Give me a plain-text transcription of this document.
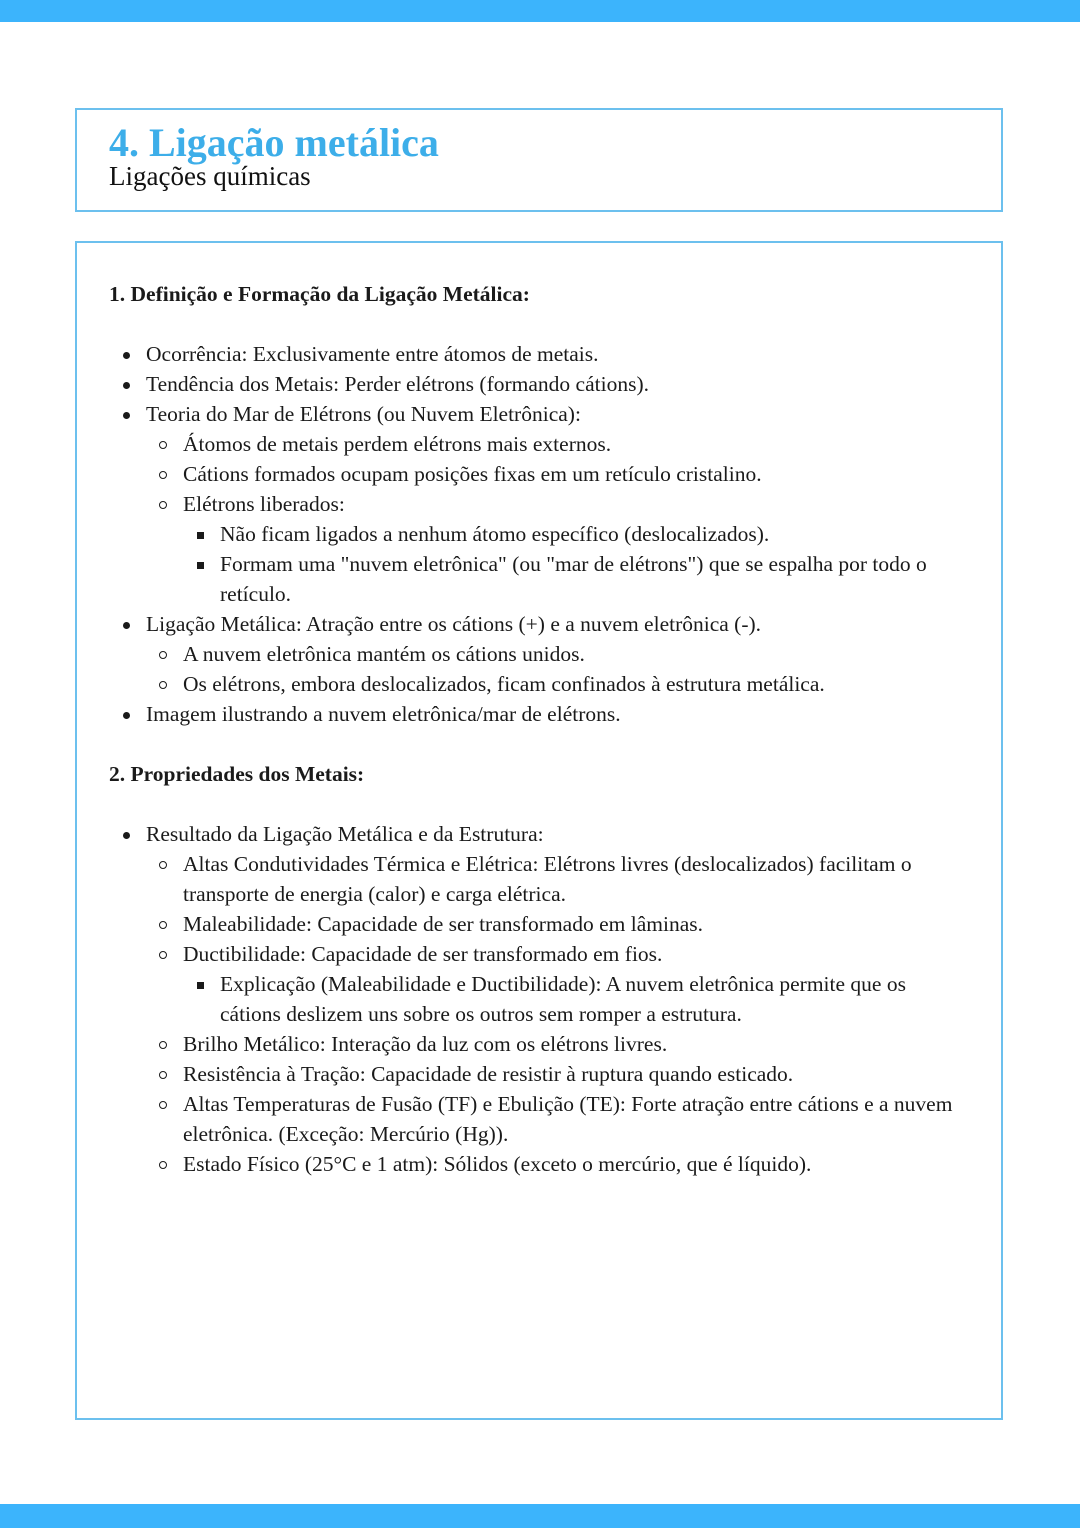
4. Ligação metálica
Ligações químicas
1. Definição e Formação da Ligação Metálica:
Ocorrência: Exclusivamente entre átomos de metais.
Tendência dos Metais: Perder elétrons (formando cátions).
Teoria do Mar de Elétrons (ou Nuvem Eletrônica):
Átomos de metais perdem elétrons mais externos.
Cátions formados ocupam posições fixas em um retículo cristalino.
Elétrons liberados:
Não ficam ligados a nenhum átomo específico (deslocalizados).
Formam uma "nuvem eletrônica" (ou "mar de elétrons") que se espalha por todo o retículo.
Ligação Metálica: Atração entre os cátions (+) e a nuvem eletrônica (-).
A nuvem eletrônica mantém os cátions unidos.
Os elétrons, embora deslocalizados, ficam confinados à estrutura metálica.
Imagem ilustrando a nuvem eletrônica/mar de elétrons.
2. Propriedades dos Metais:
Resultado da Ligação Metálica e da Estrutura:
Altas Condutividades Térmica e Elétrica: Elétrons livres (deslocalizados) facilitam o transporte de energia (calor) e carga elétrica.
Maleabilidade: Capacidade de ser transformado em lâminas.
Ductibilidade: Capacidade de ser transformado em fios.
Explicação (Maleabilidade e Ductibilidade): A nuvem eletrônica permite que os cátions deslizem uns sobre os outros sem romper a estrutura.
Brilho Metálico: Interação da luz com os elétrons livres.
Resistência à Tração: Capacidade de resistir à ruptura quando esticado.
Altas Temperaturas de Fusão (TF) e Ebulição (TE): Forte atração entre cátions e a nuvem eletrônica. (Exceção: Mercúrio (Hg)).
Estado Físico (25°C e 1 atm): Sólidos (exceto o mercúrio, que é líquido).
